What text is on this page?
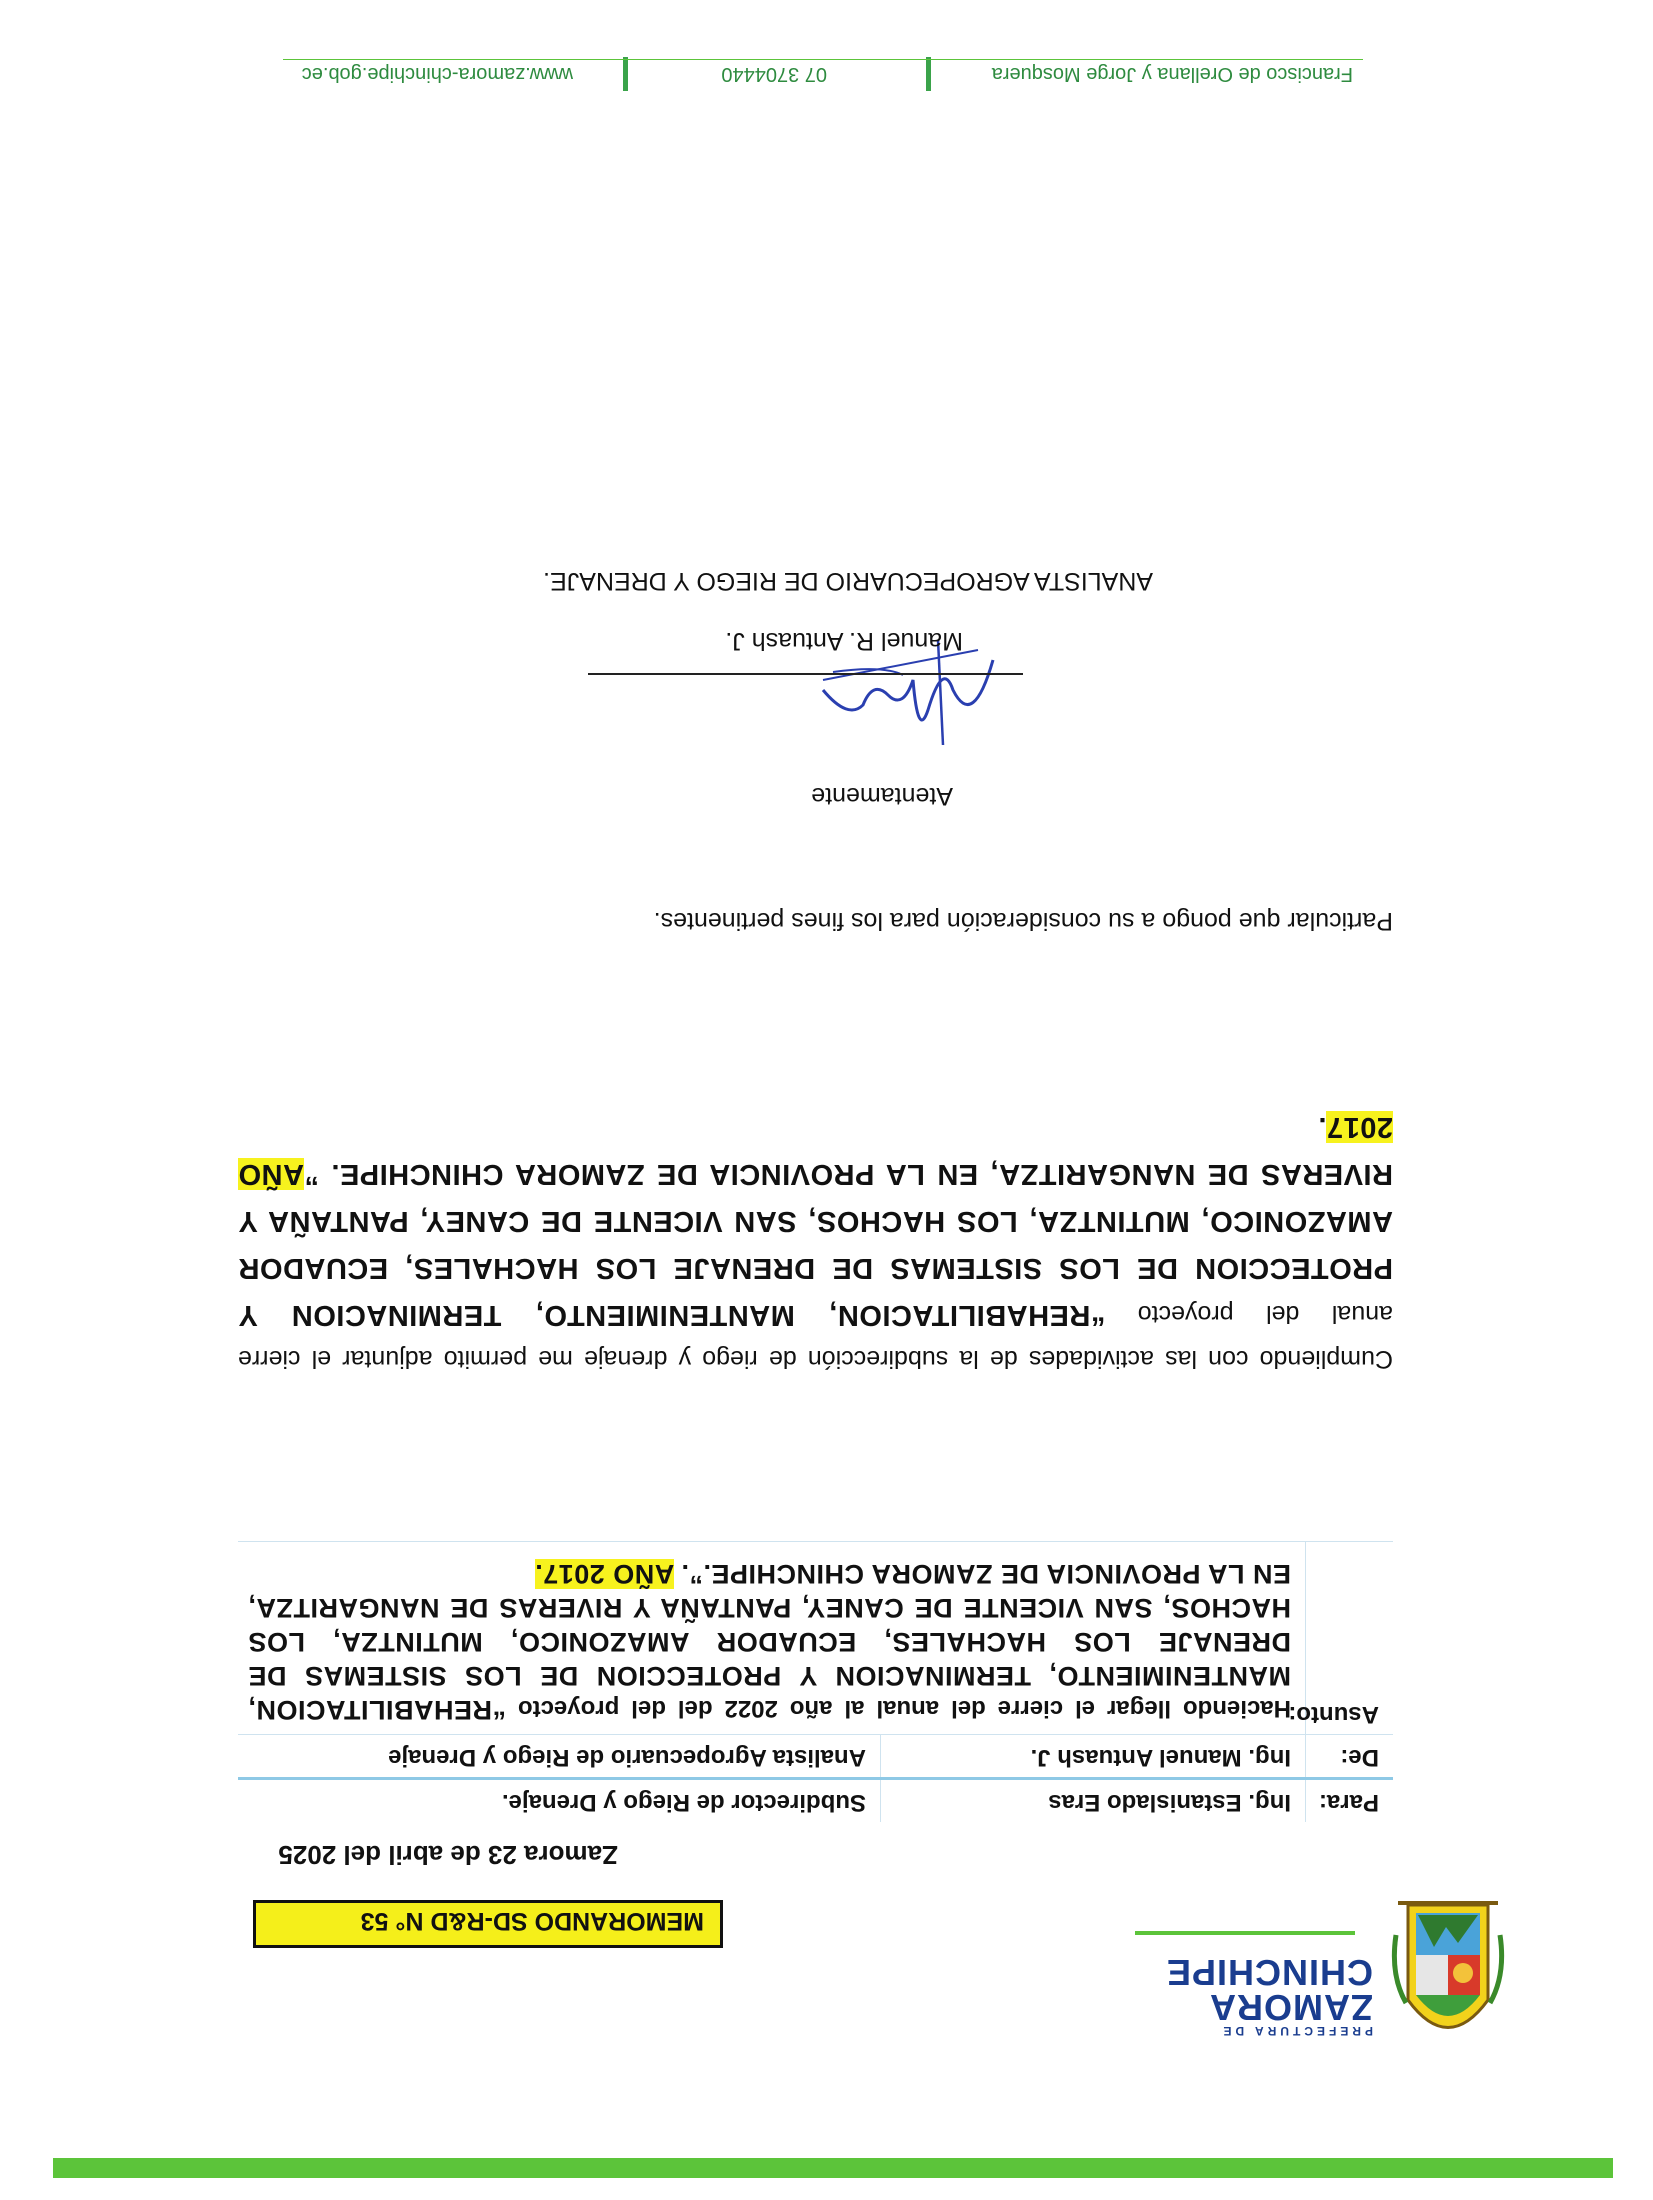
PREFECTURA DE
ZAMORA
CHINCHIPE
MEMORANDO SD-R&D N° 53
Zamora 23 de abril del 2025
Para:
Ing. Estanislado Eras
Subdirector de Riego y Drenaje.
De:
Ing. Manuel Antuash J.
Analista Agropecuario de Riego y Drenaje
Asunto:
Haciendo llegar el cierre del anual al año 2022 del del proyecto “REHABILITACION, MANTENIMIENTO, TERMINACION Y PROTECCION DE LOS SISTEMAS DE DRENAJE LOS HACHALES, ECUADOR AMAZONICO, MUTINTZA, LOS HACHOS, SAN VICENTE DE CANEY, PANTAÑA Y RIVERAS DE NANGARITZA, EN LA PROVINCIA DE ZAMORA CHINCHIPE.”. AÑO 2017.
Cumpliendo con las actividades de la subdirección de riego y drenaje me permito adjuntar el cierre anual del proyecto “REHABILITACION, MANTENIMIENTO, TERMINACION Y PROTECCION DE LOS SISTEMAS DE DRENAJE LOS HACHALES, ECUADOR AMAZONICO, MUTINTZA, LOS HACHOS, SAN VICENTE DE CANEY, PANTAÑA Y RIVERAS DE NANGARITZA, EN LA PROVINCIA DE ZAMORA CHINCHIPE. ”AÑO 2017.
Particular que pongo a su consideración para los fines pertinentes.
Atentamente
Manuel R. Antuash J.
ANALISTA AGROPECUARIO DE RIEGO Y DRENAJE.
Francisco de Orellana y Jorge Mosquera
07 3704440
www.zamora-chinchipe.gob.ec
